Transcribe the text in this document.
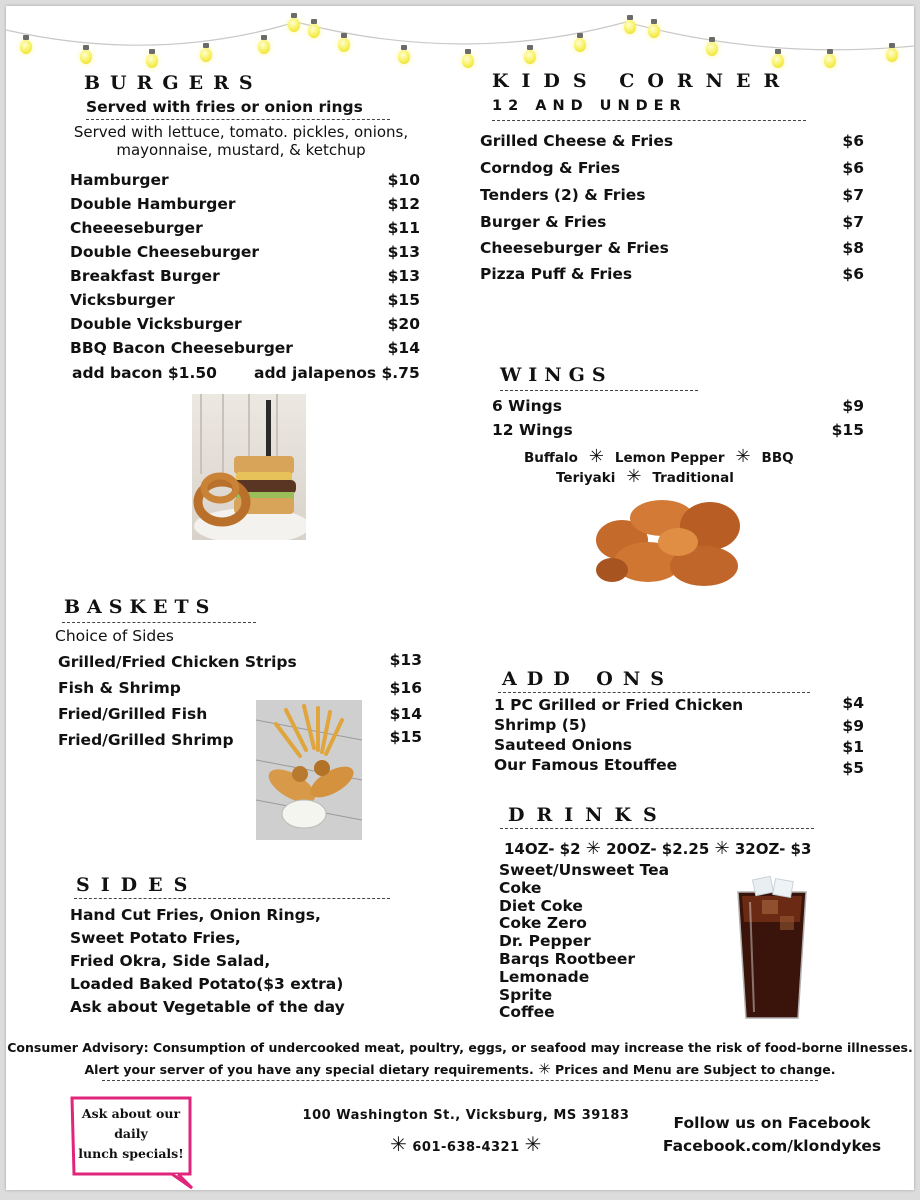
BURGERS
Served with fries or onion rings
Served with lettuce, tomato. pickles, onions,
mayonnaise, mustard, & ketchup
Hamburger	$10
Double Hamburger	$12
Cheeeseburger	$11
Double Cheeseburger	$13
Breakfast Burger	$13
Vicksburger	$15
Double Vicksburger	$20
BBQ Bacon Cheeseburger	$14
add bacon $1.50 add jalapenos $.75
KIDS CORNER
12 AND UNDER
Grilled Cheese & Fries	$6
Corndog & Fries	$6
Tenders (2) & Fries	$7
Burger & Fries	$7
Cheeseburger & Fries	$8
Pizza Puff & Fries	$6
WINGS
6 Wings	$9
12 Wings	$15
Buffalo  ✳  Lemon Pepper  ✳  BBQ
Teriyaki  ✳  Traditional
BASKETS
Choice of Sides
Grilled/Fried Chicken Strips	$13
Fish & Shrimp	$16
Fried/Grilled Fish	$14
Fried/Grilled Shrimp	$15
ADD ONS
1 PC Grilled or Fried Chicken	$4
Shrimp (5)	$9
Sauteed Onions	$1
Our Famous Etouffee	$5
DRINKS
14OZ- $2 ✳ 20OZ- $2.25 ✳ 32OZ- $3
Sweet/Unsweet Tea
Coke
Diet Coke
Coke Zero
Dr. Pepper
Barqs Rootbeer
Lemonade
Sprite
Coffee
SIDES
Hand Cut Fries, Onion Rings,
Sweet Potato Fries,
Fried Okra, Side Salad,
Loaded Baked Potato($3 extra)
Ask about Vegetable of the day
Consumer Advisory: Consumption of undercooked meat, poultry, eggs, or seafood may increase the risk of food-borne illnesses.
Alert your server of you have any special dietary requirements. ✳ Prices and Menu are Subject to change.
Ask about our
daily
lunch specials!
100 Washington St., Vicksburg, MS 39183
✳ 601-638-4321 ✳
Follow us on Facebook
Facebook.com/klondykes
